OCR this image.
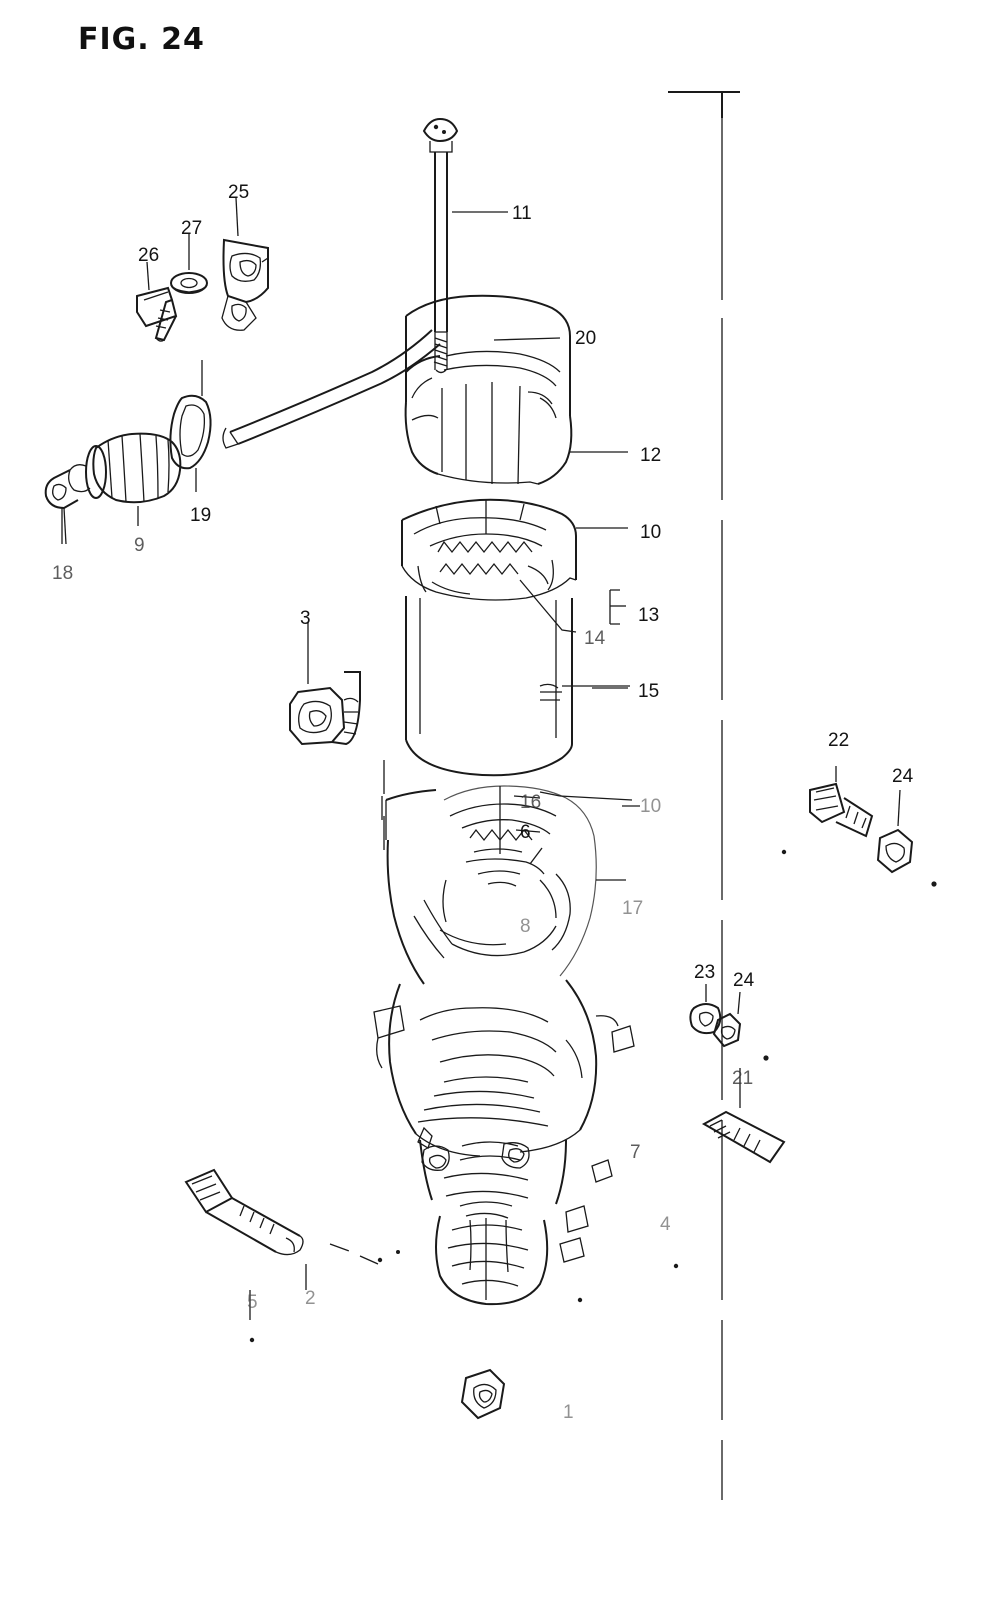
FIG. 24
25
27
26
11
20
12
10
13
14
15
19
9
18
3
22
24
16
6
23 24
21
7
8
4
1
2
5
17
10
